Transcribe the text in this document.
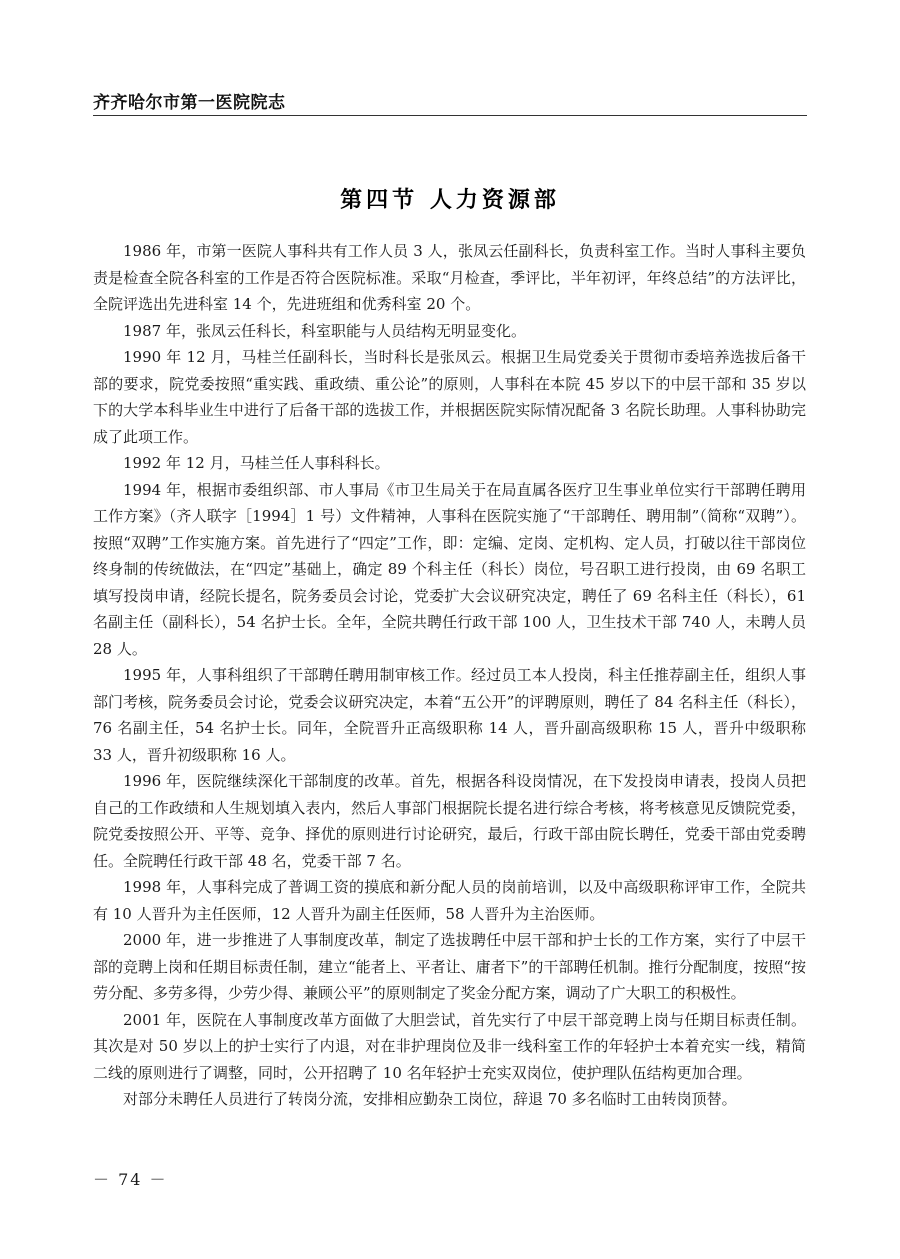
齐齐哈尔市第一医院院志
第四节 人力资源部

1986 年，市第一医院人事科共有工作人员 3 人，张凤云任副科长，负责科室工作。当时人事科主要负责是检查全院各科室的工作是否符合医院标准。采取“月检查，季评比，半年初评，年终总结”的方法评比，全院评选出先进科室 14 个，先进班组和优秀科室 20 个。

1987 年，张凤云任科长，科室职能与人员结构无明显变化。

1990 年 12 月，马桂兰任副科长，当时科长是张凤云。根据卫生局党委关于贯彻市委培养选拔后备干部的要求，院党委按照“重实践、重政绩、重公论”的原则，人事科在本院 45 岁以下的中层干部和 35 岁以下的大学本科毕业生中进行了后备干部的选拔工作，并根据医院实际情况配备 3 名院长助理。人事科协助完成了此项工作。

1992 年 12 月，马桂兰任人事科科长。

1994 年，根据市委组织部、市人事局《市卫生局关于在局直属各医疗卫生事业单位实行干部聘任聘用工作方案》（齐人联字［1994］1 号）文件精神，人事科在医院实施了“干部聘任、聘用制”（简称“双聘”）。按照“双聘”工作实施方案。首先进行了“四定”工作，即：定编、定岗、定机构、定人员，打破以往干部岗位终身制的传统做法，在“四定”基础上，确定 89 个科主任（科长）岗位，号召职工进行投岗，由 69 名职工填写投岗申请，经院长提名，院务委员会讨论，党委扩大会议研究决定，聘任了 69 名科主任（科长），61 名副主任（副科长），54 名护士长。全年，全院共聘任行政干部 100 人，卫生技术干部 740 人，未聘人员 28 人。

1995 年，人事科组织了干部聘任聘用制审核工作。经过员工本人投岗，科主任推荐副主任，组织人事部门考核，院务委员会讨论，党委会议研究决定，本着“五公开”的评聘原则，聘任了 84 名科主任（科长），76 名副主任，54 名护士长。同年，全院晋升正高级职称 14 人，晋升副高级职称 15 人，晋升中级职称 33 人，晋升初级职称 16 人。

1996 年，医院继续深化干部制度的改革。首先，根据各科设岗情况，在下发投岗申请表，投岗人员把自己的工作政绩和人生规划填入表内，然后人事部门根据院长提名进行综合考核，将考核意见反馈院党委，院党委按照公开、平等、竞争、择优的原则进行讨论研究，最后，行政干部由院长聘任，党委干部由党委聘任。全院聘任行政干部 48 名，党委干部 7 名。

1998 年，人事科完成了普调工资的摸底和新分配人员的岗前培训，以及中高级职称评审工作，全院共有 10 人晋升为主任医师，12 人晋升为副主任医师，58 人晋升为主治医师。

2000 年，进一步推进了人事制度改革，制定了选拔聘任中层干部和护士长的工作方案，实行了中层干部的竞聘上岗和任期目标责任制，建立“能者上、平者让、庸者下”的干部聘任机制。推行分配制度，按照“按劳分配、多劳多得，少劳少得、兼顾公平”的原则制定了奖金分配方案，调动了广大职工的积极性。

2001 年，医院在人事制度改革方面做了大胆尝试，首先实行了中层干部竞聘上岗与任期目标责任制。其次是对 50 岁以上的护士实行了内退，对在非护理岗位及非一线科室工作的年轻护士本着充实一线，精简二线的原则进行了调整，同时，公开招聘了 10 名年轻护士充实双岗位，使护理队伍结构更加合理。

对部分未聘任人员进行了转岗分流，安排相应勤杂工岗位，辞退 70 多名临时工由转岗顶替。

－ 74 －
